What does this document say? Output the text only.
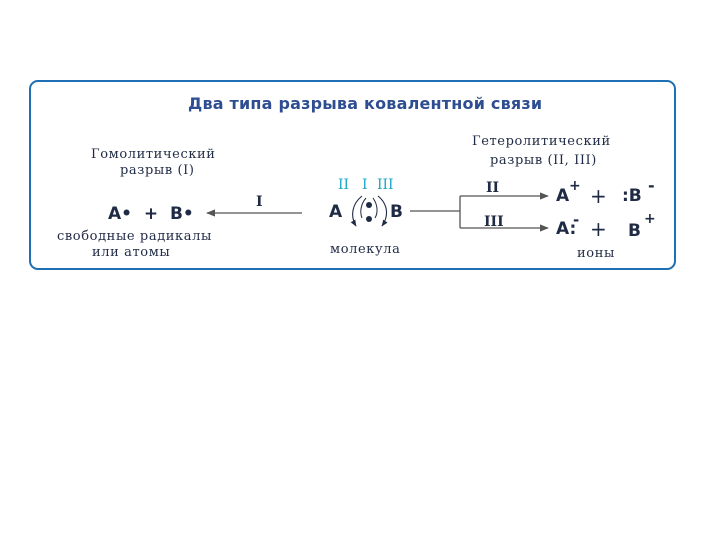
Два типа разрыва ковалентной связи
Гомолитический
разрыв (I)
A•  +  B•
I
свободные радикалы
или атомы
II I III
A	B
молекула
Гетеролитический
разрыв (II, III)
II
III
A + + :B
-
A:
- + B
+
ионы
